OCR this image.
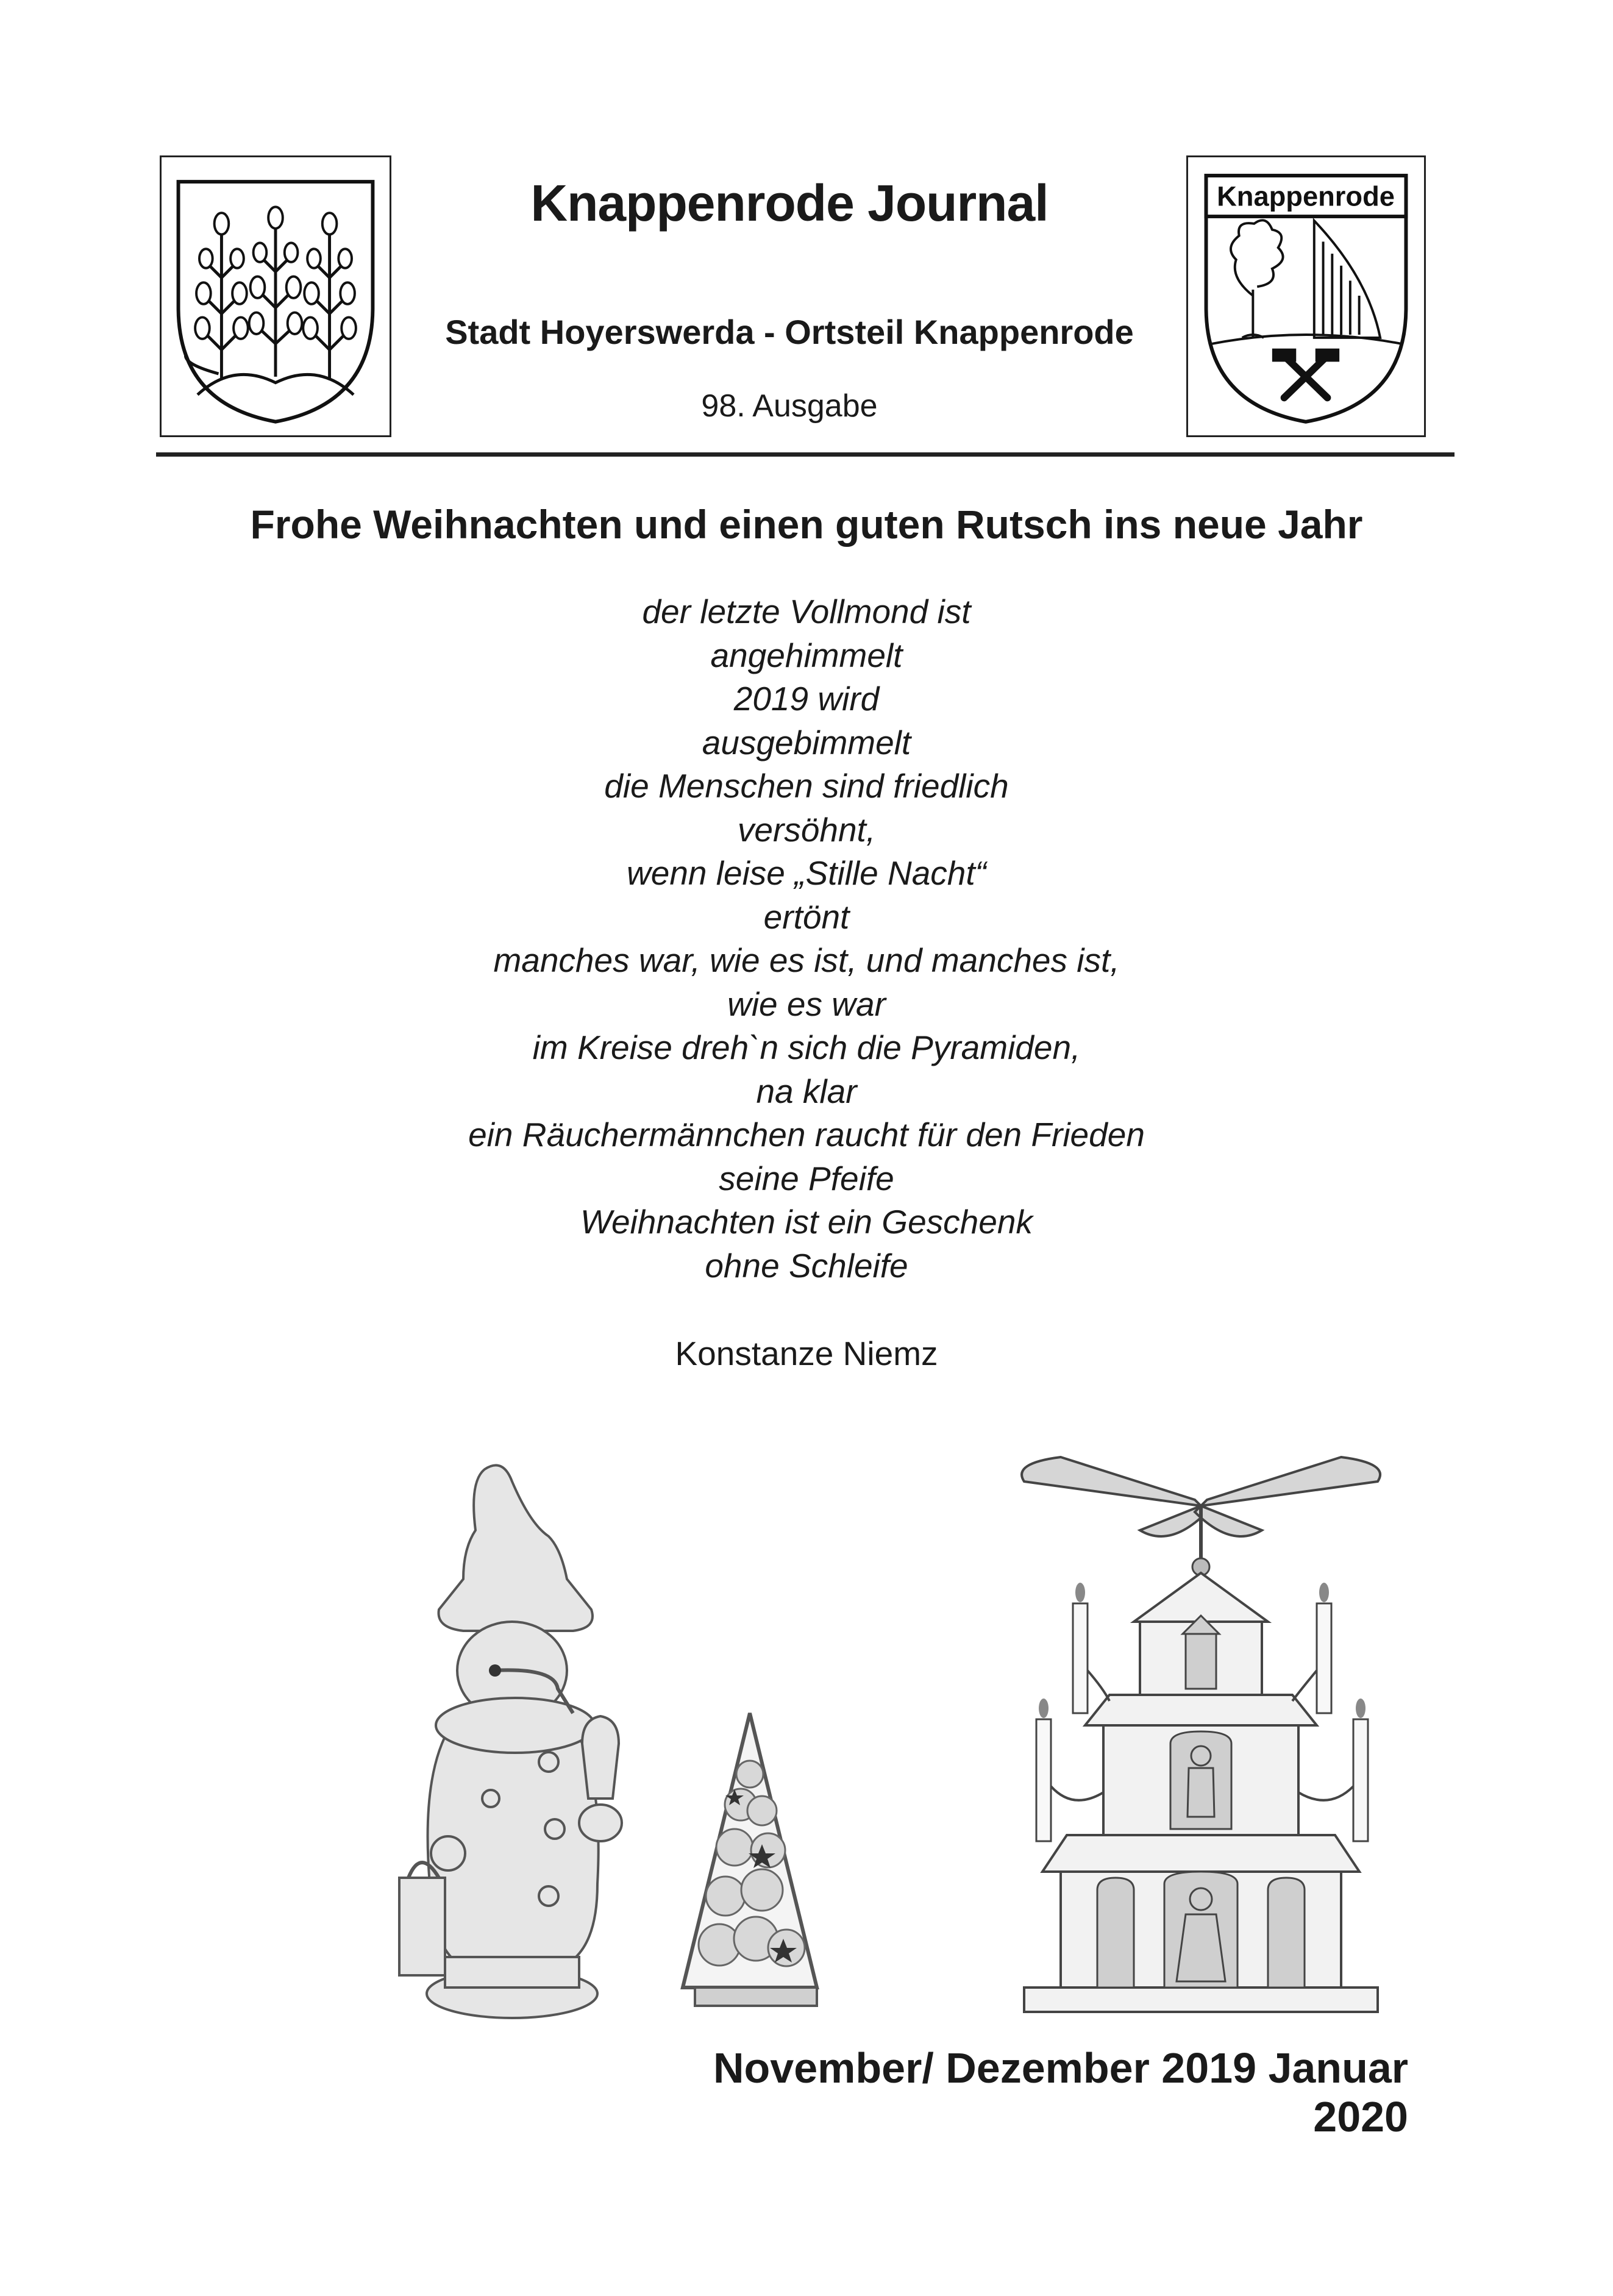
Knappenrode Journal
Stadt Hoyerswerda - Ortsteil Knappenrode
98. Ausgabe
Knappenrode
Frohe Weihnachten und einen guten Rutsch ins neue Jahr
der letzte Vollmond ist
angehimmelt
2019 wird
ausgebimmelt
die Menschen sind friedlich
versöhnt,
wenn leise „Stille Nacht“
ertönt
manches war, wie es ist, und manches ist,
wie es war
im Kreise dreh`n sich die Pyramiden,
na klar
ein Räuchermännchen raucht für den Frieden
seine Pfeife
Weihnachten ist ein Geschenk
ohne Schleife
Konstanze Niemz
November/ Dezember 2019 Januar 2020
